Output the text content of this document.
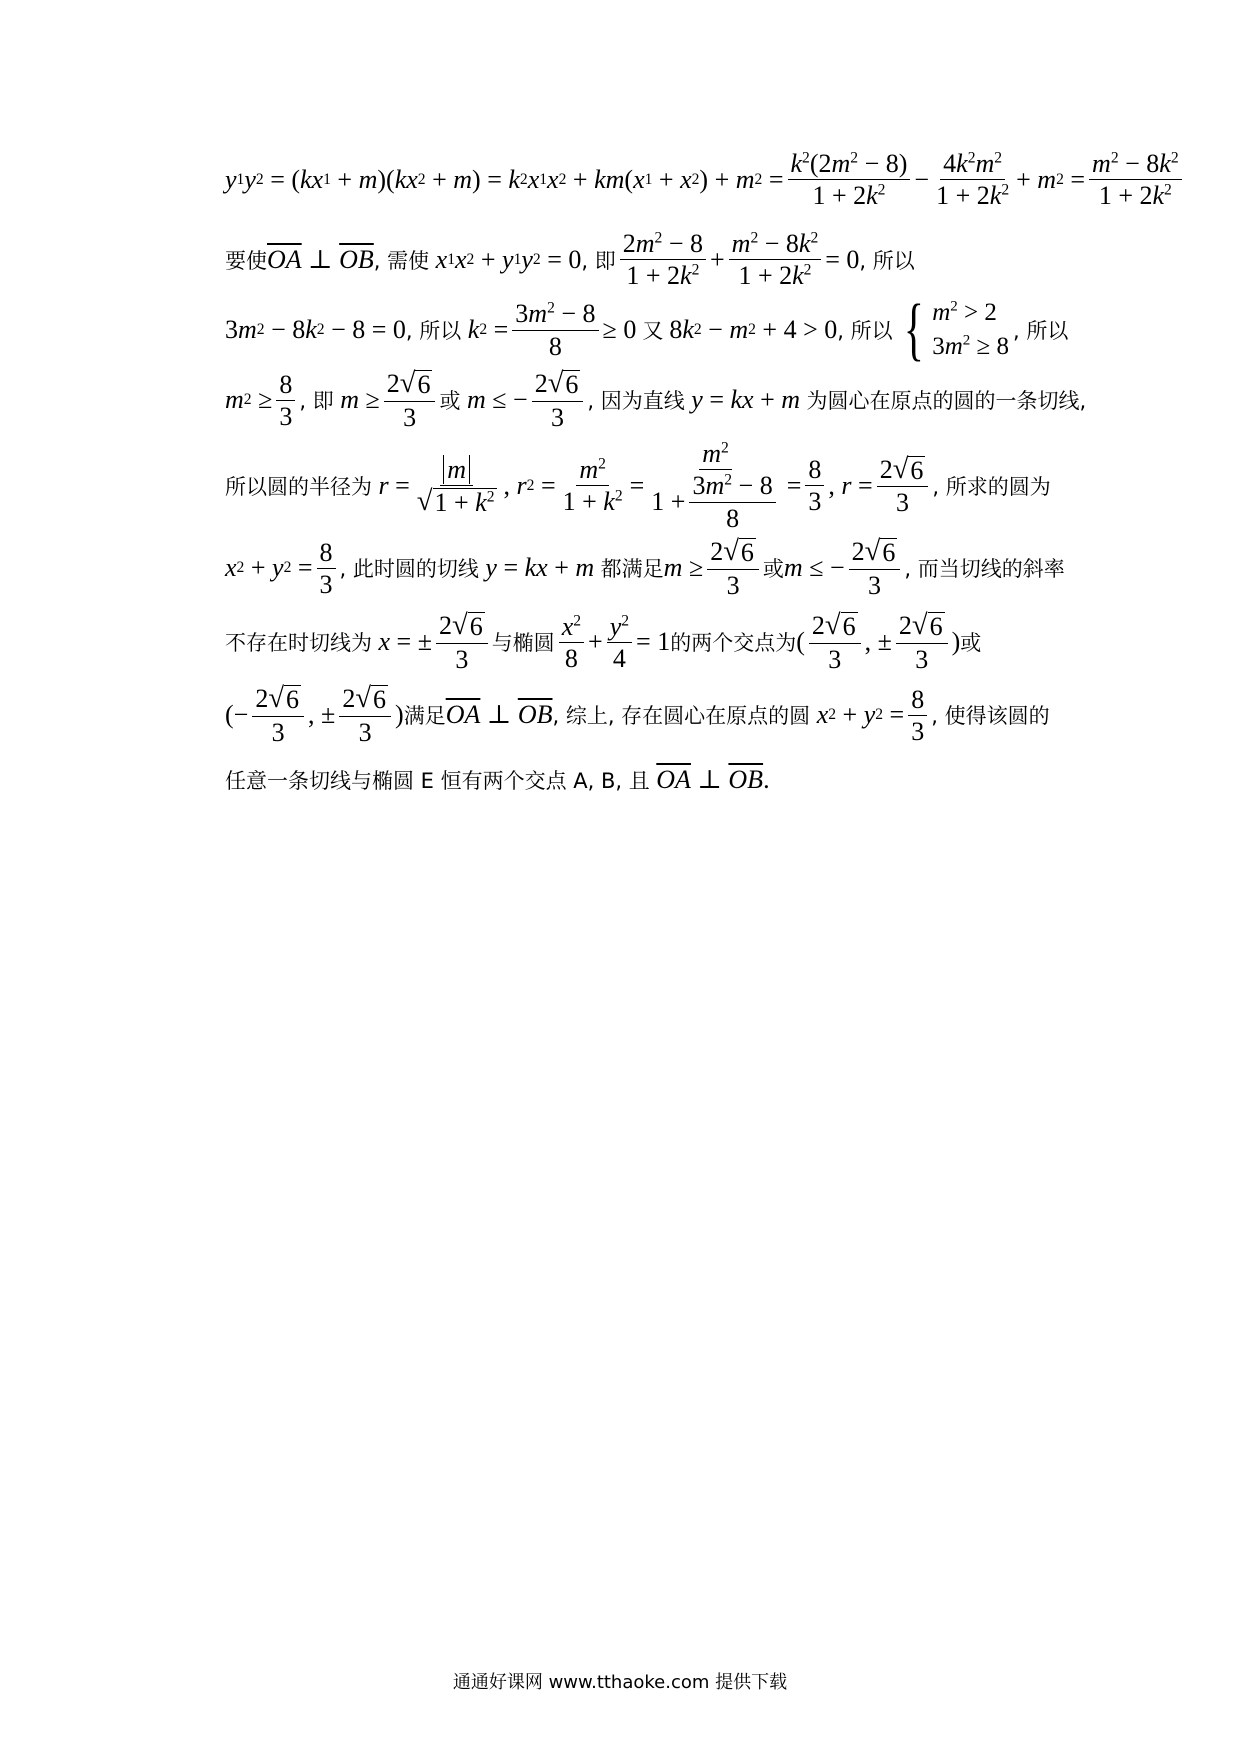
y 1 y 2 = ( kx 1 + m )( kx 2 + m ) = k 2 x 1 x 2 + km ( x 1 + x 2 ) + m $2 = \frac{k^2(2m^2 - 8)}{1 + 2k^2} - \frac{4k^2m^2}{1 + 2k^2} + m$ $2 = \frac{m^2 - 8k^2}{1 + 2k^2}$
要使 $\overline{OA}$
⊥
$\overline{OB}$ , 需使
x 1 x 2 + y 1 y 2 = 0 , 即 $\frac{2m^2 - 8}{1 + 2k^2} + \frac{m^2 - 8k^2}{1 + 2k^2} = 0$ , 所以
3 m 2 − 8 k 2 − 8 = 0 , 所以
k $2 = \frac{3m^2 - 8}{8} \ge 0$ 又 8 k 2 − m 2 + 4 > 0 , 所以 { $m^2 > 2$
$3m^2 \ge 8$
, 所以
m $2 \ge \frac{8}{3}$ , 即
$m \ge \frac{2 √ 6}{3}$ 或
m ≤ − $\frac{2 √ 6}{3}$ , 因为直线
y = kx + m
为圆心在原点的圆的一条切线,
所以圆的半径为
$r = \frac{m}{√ 1 + k^2}$ , r $2 = \frac{m^2}{1 + k^2} = \frac{m^2}{1 + \frac{3m^2 - 8}{8}} = \frac{8}{3}$ , $r = \frac{2 √ 6}{3}$ , 所求的圆为
x 2 + y $2 = \frac{8}{3}$ , 此时圆的切线
y = kx + m
都满足 $m \ge \frac{2 √ 6}{3}$ 或 m ≤ − $\frac{2 √ 6}{3}$ , 而当切线的斜率
不存在时切线为
x = ± $\frac{2 √ 6}{3}$ 与椭圆 $\frac{x^2}{8} + \frac{y^2}{4} = 1$ 的两个交点为 ( $\frac{2 √ 6}{3}$ , ± $\frac{2 √ 6}{3}$ ) 或
(− $\frac{2 √ 6}{3}$ , ± $\frac{2 √ 6}{3}$ ) 满足 $\overline{OA}$ ⊥ $\overline{OB}$ , 综上, 存在圆心在原点的圆
x 2 + y $2 = \frac{8}{3}$ , 使得该圆的
任意一条切线与椭圆 E 恒有两个交点 A, B, 且
$\overline{OA}$ ⊥ $\overline{OB}$ .
通通好课网 www.tthaoke.com 提供下载
